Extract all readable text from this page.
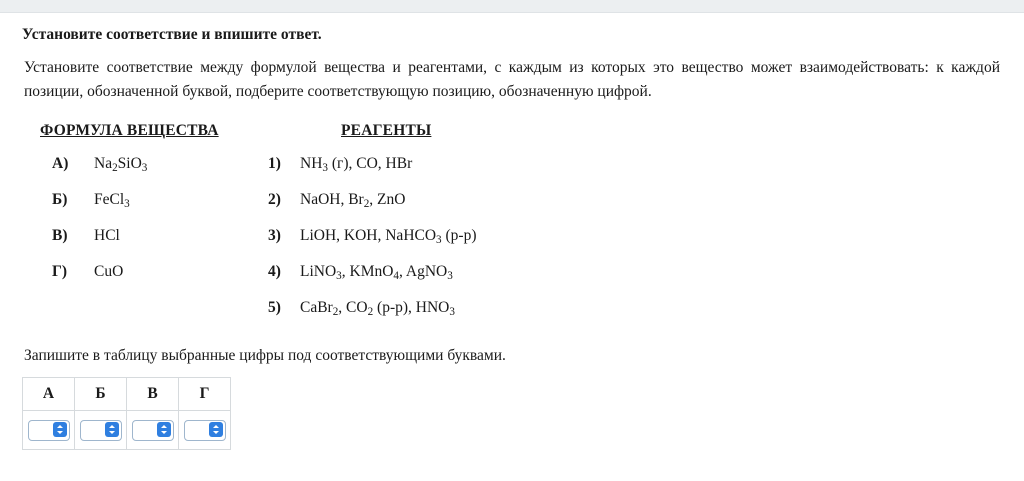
Установите соответствие и впишите ответ.
Установите соответствие между формулой вещества и реагентами, с каждым из которых это вещество может взаимодействовать: к каждой позиции, обозначенной буквой, подберите соответствующую позицию, обозначенную цифрой.
ФОРМУЛА ВЕЩЕСТВА	РЕАГЕНТЫ
А)	$Na_2SiO_3$
Б)	FeCl$_3$
В)	HCl
Г)	CuO
1)	$NH_3$ (г), CO, HBr
2)	NaOH, $Br_2$, ZnO
3)	LiOH, KOH, NaHCO$_3$ (р-р)
4)	LiNO$_3$, KMnO$_4$, AgNO$_3$
5)	CaBr$_2$, $CO_2$ (р-р), $HNO_3$
Запишите в таблицу выбранные цифры под соответствующими буквами.
А	Б	В	Г
